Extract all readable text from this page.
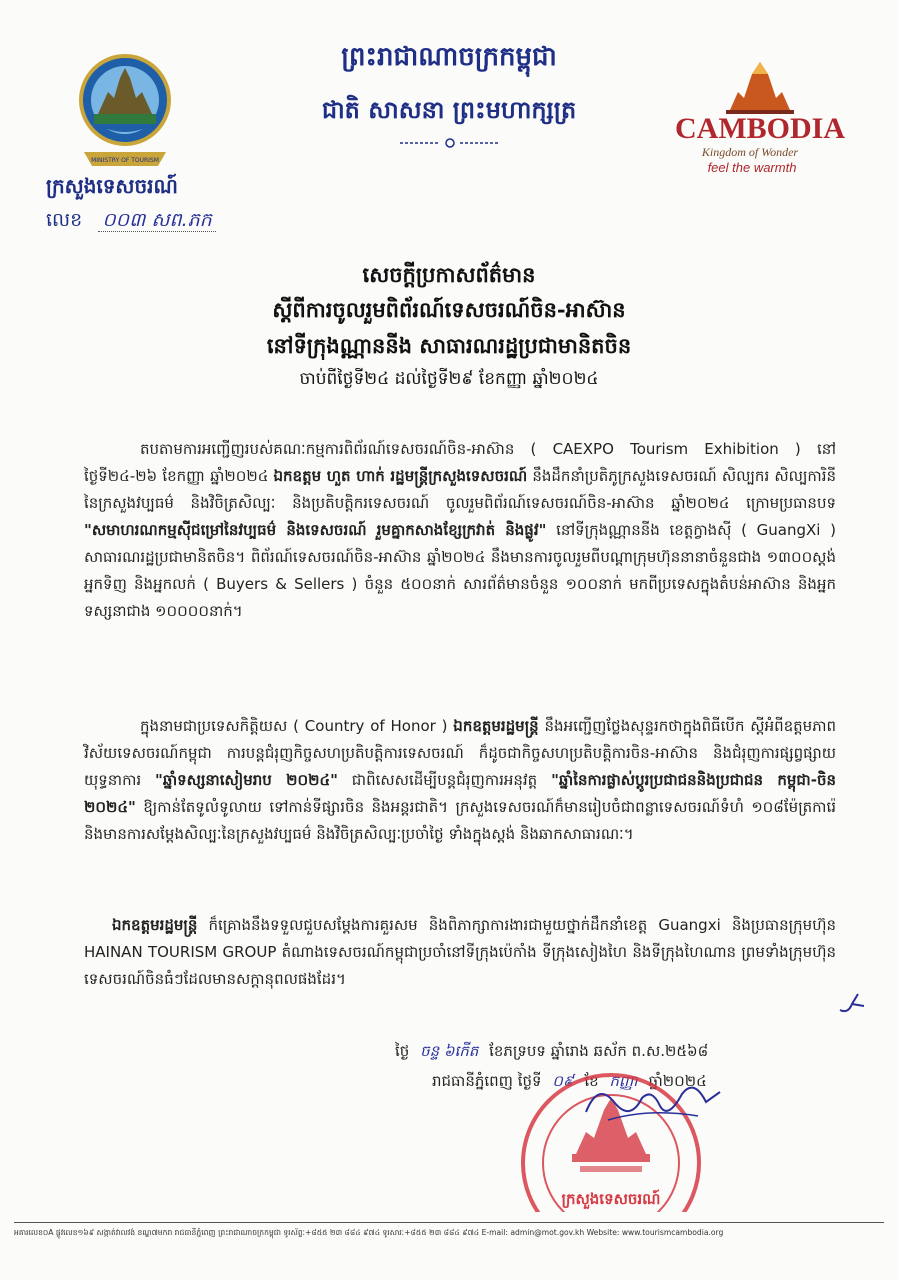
ព្រះរាជាណាចក្រកម្ពុជា
ជាតិ សាសនា ព្រះមហាក្សត្រ
MINISTRY OF TOURISM
ក្រសួងទេសចរណ៍
លេខ ០០៣ សព.ភក
CAMBODIA
Kingdom of Wonder
feel the warmth
សេចក្តីប្រកាសព័ត៌មាន
ស្តីពីការចូលរួមពិព័រណ៍ទេសចរណ៍ចិន-អាស៊ាន
នៅទីក្រុងណ្ណាននីង សាធារណរដ្ឋប្រជាមានិតចិន
ចាប់ពីថ្ងៃទី២៤ ដល់ថ្ងៃទី២៩ ខែកញ្ញា ឆ្នាំ២០២៤
តបតាមការអញ្ជើញរបស់គណៈកម្មការពិព័រណ៍ទេសចរណ៍ចិន-អាស៊ាន ( CAEXPO Tourism Exhibition ) នៅថ្ងៃទី២៤-២៦ ខែកញ្ញា ឆ្នាំ២០២៤ ឯកឧត្តម ហួត ហាក់ រដ្ឋមន្ត្រីក្រសួងទេសចរណ៍ នឹងដឹកនាំប្រតិភូក្រសួងទេសចរណ៍ សិល្បករ សិល្បការិនីនៃក្រសួងវប្បធម៌ និងវិចិត្រសិល្បៈ និងប្រតិបត្តិករទេសចរណ៍ ចូលរួមពិព័រណ៍ទេសចរណ៍ចិន-អាស៊ាន ឆ្នាំ២០២៤ ក្រោមប្រធានបទ "សមាហរណកម្មស៊ីជម្រៅនៃវប្បធម៌ និងទេសចរណ៍ រួមគ្នាកសាងខ្សែក្រវាត់ និងផ្លូវ" នៅទីក្រុងណ្ណាននីង ខេត្តក្វាងស៊ី ( GuangXi ) សាធារណរដ្ឋប្រជាមានិតចិន។ ពិព័រណ៍ទេសចរណ៍ចិន-អាស៊ាន ឆ្នាំ២០២៤ នឹងមានការចូលរួមពីបណ្តាក្រុមហ៊ុននានាចំនួនជាង ១៣០០ស្តង់ អ្នកទិញ និងអ្នកលក់ ( Buyers & Sellers ) ចំនួន ៥០០នាក់ សារព័ត៌មានចំនួន ១០០នាក់ មកពីប្រទេសក្នុងតំបន់អាស៊ាន និងអ្នកទស្សនាជាង ១០០០០នាក់។
ក្នុងនាមជាប្រទេសកិត្តិយស ( Country of Honor ) ឯកឧត្តមរដ្ឋមន្ត្រី នឹងអញ្ជើញថ្លែងសុន្ទរកថាក្នុងពិធីបើក ស្តីអំពីឧត្តមភាពវិស័យទេសចរណ៍កម្ពុជា ការបន្តជំរុញកិច្ចសហប្រតិបត្តិការទេសចរណ៍ ក៏ដូចជាកិច្ចសហប្រតិបត្តិការចិន-អាស៊ាន និងជំរុញការផ្សព្វផ្សាយយុទ្ធនាការ "ឆ្នាំទស្សនាសៀមរាប ២០២៤" ជាពិសេសដើម្បីបន្តជំរុញការអនុវត្ត "ឆ្នាំនៃការផ្លាស់ប្តូរប្រជាជននិងប្រជាជន កម្ពុជា-ចិន ២០២៤" ឱ្យកាន់តែទូលំទូលាយ ទៅកាន់ទីផ្សារចិន និងអន្តរជាតិ។ ក្រសួងទេសចរណ៍ក៏មានរៀបចំជាពន្លាទេសចរណ៍ទំហំ ១០៨ម៉ែត្រការ៉េ និងមានការសម្តែងសិល្បៈនៃក្រសួងវប្បធម៌ និងវិចិត្រសិល្បៈប្រចាំថ្ងៃ ទាំងក្នុងស្តង់ និងឆាកសាធារណៈ។
ឯកឧត្តមរដ្ឋមន្ត្រី ក៏គ្រោងនឹងទទួលជួបសម្តែងការគួរសម និងពិភាក្សាការងារជាមួយថ្នាក់ដឹកនាំខេត្ត Guangxi និងប្រធានក្រុមហ៊ុន HAINAN TOURISM GROUP តំណាងទេសចរណ៍កម្ពុជាប្រចាំនៅទីក្រុងប៉េកាំង ទីក្រុងសៀងហៃ និងទីក្រុងហៃណាន ព្រមទាំងក្រុមហ៊ុនទេសចរណ៍ចិនធំៗដែលមានសក្តានុពលផងដែរ។
ថ្ងៃ ចន្ទ ៦កើត ខែភទ្របទ ឆ្នាំរោង ឆស័ក ព.ស.២៥៦៨
រាជធានីភ្នំពេញ ថ្ងៃទី ០៩ ខែ កញ្ញា ឆ្នាំ២០២៤
ក្រសួងទេសចរណ៍
អគារលេខ០A ផ្លូវលេខ១៦៩ សង្កាត់វាលវង់ ខណ្ឌ៧មករា រាជធានីភ្នំពេញ ព្រះរាជាណាចក្រកម្ពុជា ទូរស័ព្ទៈ+៨៥៥ ២៣ ៨៨៤ ៩៧៤ ទូរសារៈ+៨៥៥ ២៣ ៨៨៤ ៩៧៤ E-mail: admin@mot.gov.kh Website: www.tourismcambodia.org
